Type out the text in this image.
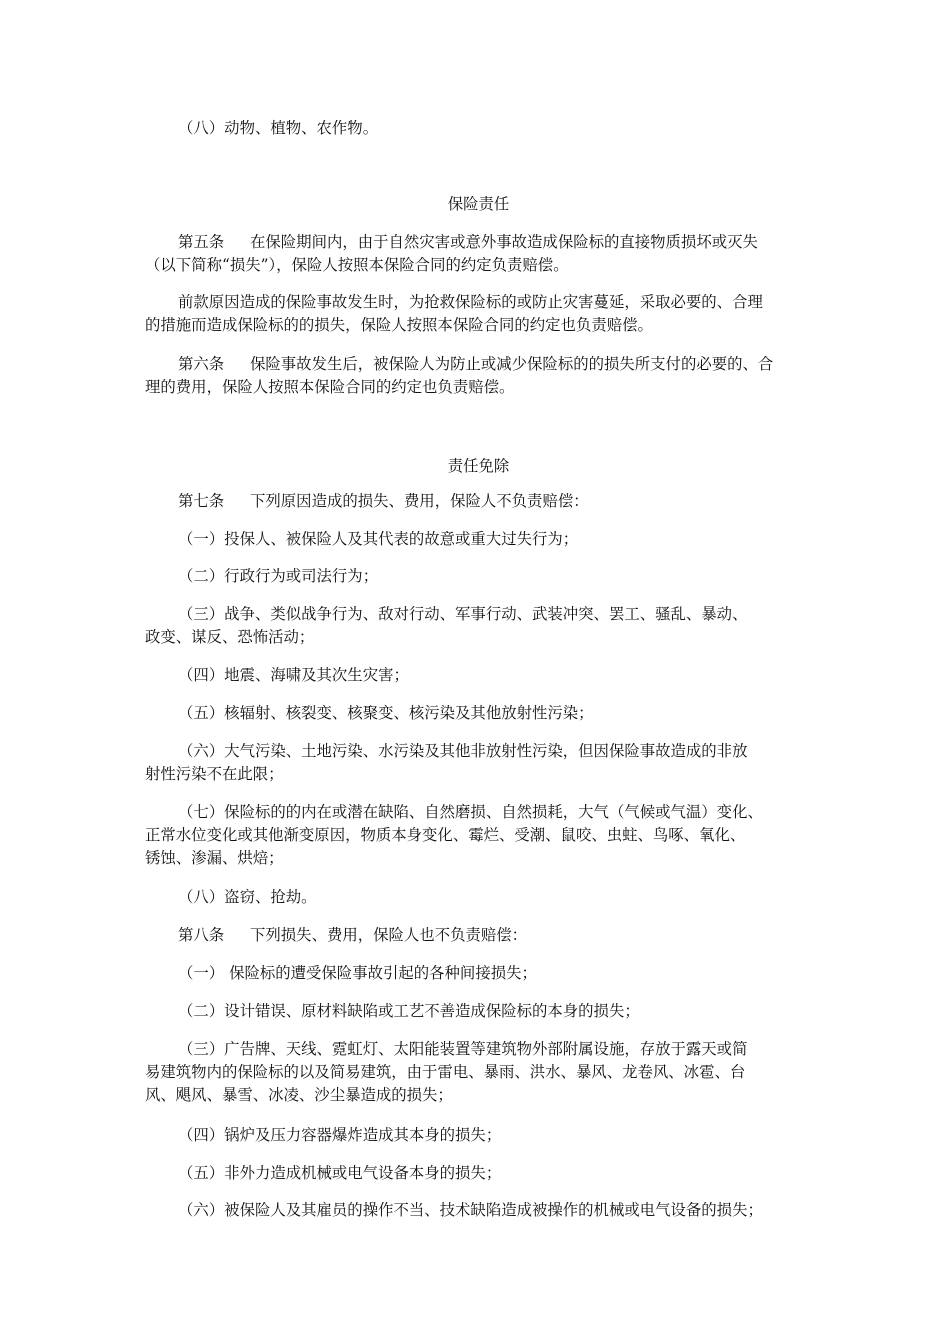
（八）动物、植物、农作物。

保险责任

第五条 在保险期间内，由于自然灾害或意外事故造成保险标的直接物质损坏或灭失
（以下简称“损失”），保险人按照本保险合同的约定负责赔偿。

前款原因造成的保险事故发生时，为抢救保险标的或防止灾害蔓延，采取必要的、合理
的措施而造成保险标的的损失，保险人按照本保险合同的约定也负责赔偿。

第六条 保险事故发生后，被保险人为防止或减少保险标的的损失所支付的必要的、合
理的费用，保险人按照本保险合同的约定也负责赔偿。

责任免除

第七条 下列原因造成的损失、费用，保险人不负责赔偿：

（一）投保人、被保险人及其代表的故意或重大过失行为；

（二）行政行为或司法行为；

（三）战争、类似战争行为、敌对行动、军事行动、武装冲突、罢工、骚乱、暴动、
政变、谋反、恐怖活动；

（四）地震、海啸及其次生灾害；

（五）核辐射、核裂变、核聚变、核污染及其他放射性污染；

（六）大气污染、土地污染、水污染及其他非放射性污染，但因保险事故造成的非放
射性污染不在此限；

（七）保险标的的内在或潜在缺陷、自然磨损、自然损耗，大气（气候或气温）变化、
正常水位变化或其他渐变原因，物质本身变化、霉烂、受潮、鼠咬、虫蛀、鸟啄、氧化、
锈蚀、渗漏、烘焙；

（八）盗窃、抢劫。

第八条 下列损失、费用，保险人也不负责赔偿：

（一） 保险标的遭受保险事故引起的各种间接损失；

（二）设计错误、原材料缺陷或工艺不善造成保险标的本身的损失；

（三）广告牌、天线、霓虹灯、太阳能装置等建筑物外部附属设施，存放于露天或简
易建筑物内的保险标的以及简易建筑，由于雷电、暴雨、洪水、暴风、龙卷风、冰雹、台
风、飓风、暴雪、冰凌、沙尘暴造成的损失；

（四）锅炉及压力容器爆炸造成其本身的损失；

（五）非外力造成机械或电气设备本身的损失；

（六）被保险人及其雇员的操作不当、技术缺陷造成被操作的机械或电气设备的损失；
